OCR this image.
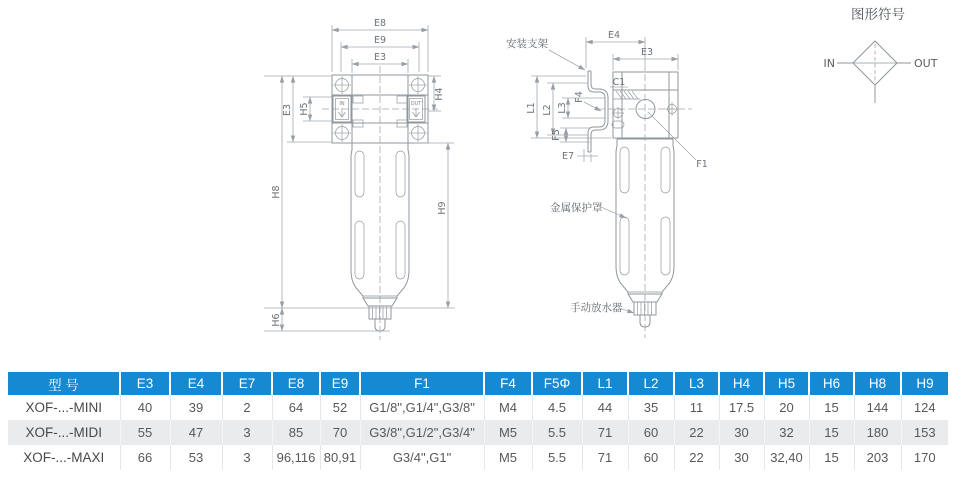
IN	OUT
E8
E9
E3
E3 H5
H4
H8
H6
H9
F1
E4
E3
C1
L1 L2 L3
F4
F5
E7
安装支架
金属保护罩
手动放水器
图形符号
IN	OUT
型 号	E3	E4	E7	E8	E9	F1	F4	F5Φ	L1	L2	L3	H4	H5	H6	H8	H9
XOF-...-MINI	40	39	2	64	52	G1/8",G1/4",G3/8"	M4	4.5	44	35	11	17.5	20	15	144	124
XOF-...-MIDI	55	47	3	85	70	G3/8",G1/2",G3/4"	M5	5.5	71	60	22	30	32	15	180	153
XOF-...-MAXI	66	53	3	96,116	80,91	G3/4",G1"	M5	5.5	71	60	22	30	32,40	15	203	170
